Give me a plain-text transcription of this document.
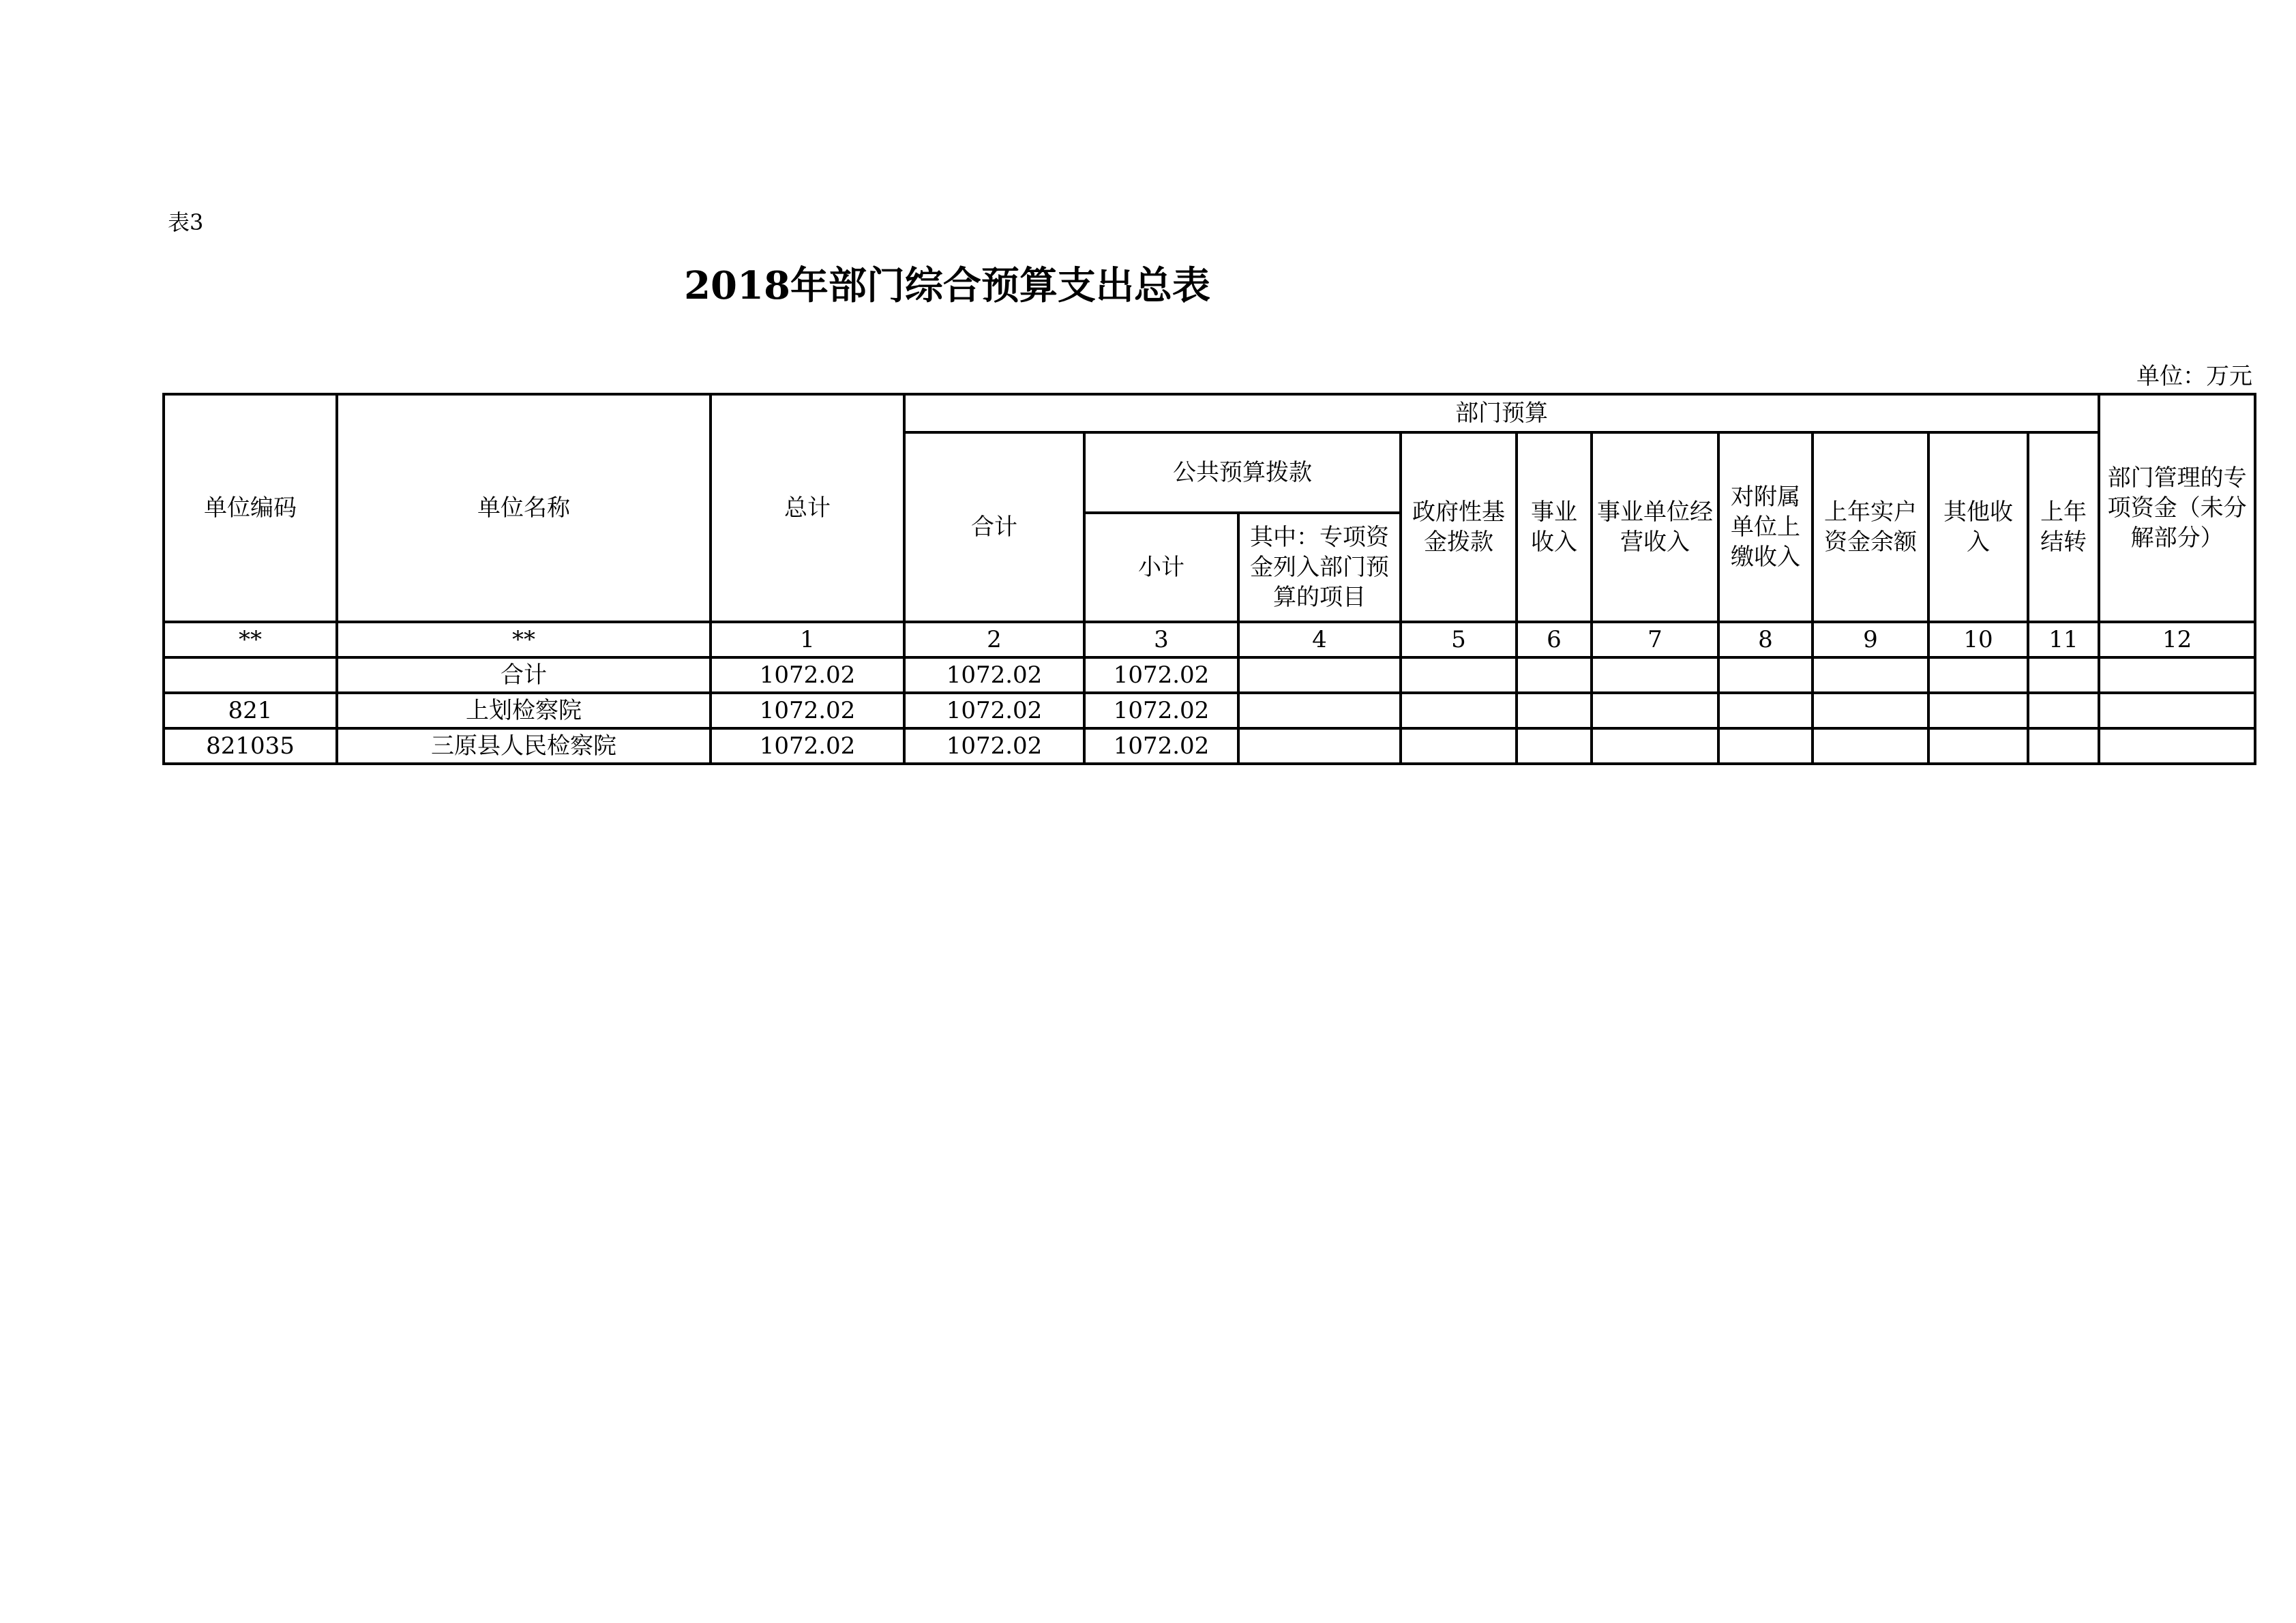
表3
2018年部门综合预算支出总表
单位：万元
单位编码	单位名称	总计	部门预算										部门管理的专项资金（未分解部分）
			合计	公共预算拨款		政府性基金拨款	事业收入	事业单位经营收入	对附属单位上缴收入	上年实户资金余额	其他收入	上年结转	
				小计	其中：专项资金列入部门预算的项目								
**	**	1	2	3	4	5	6	7	8	9	10	11	12
	合计	1072.02	1072.02	1072.02									
821	上划检察院	1072.02	1072.02	1072.02									
821035	三原县人民检察院	1072.02	1072.02	1072.02									
